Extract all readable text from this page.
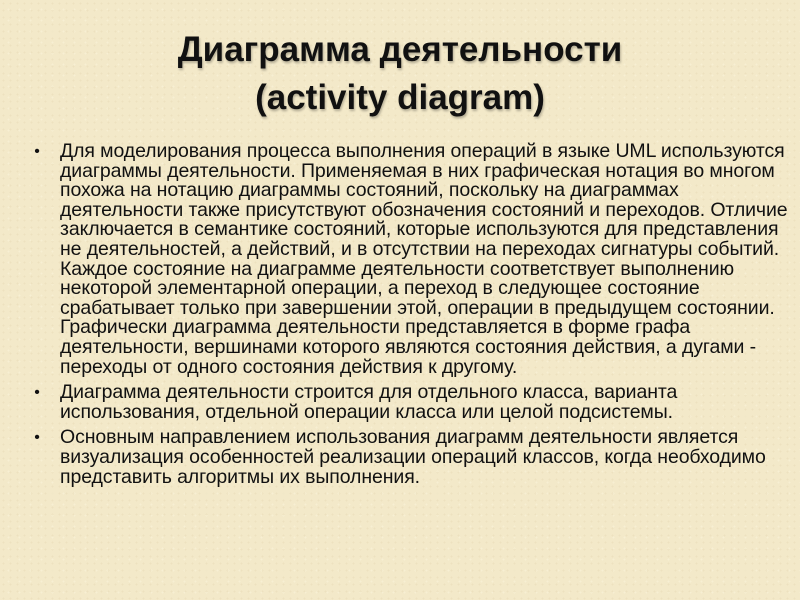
Диаграмма деятельности
(activity diagram)
• Для моделирования процесса выполнения операций в языке UML используются диаграммы деятельности. Применяемая в них графическая нотация во многом похожа на нотацию диаграммы состояний, поскольку на диаграммах деятельности также присутствуют обозначения состояний и переходов. Отличие заключается в семантике состояний, которые используются для представления не деятельностей, а действий, и в отсутствии на переходах сигнатуры событий. Каждое состояние на диаграмме деятельности соответствует выполнению некоторой элементарной операции, а переход в следующее состояние срабатывает только при завершении этой, операции в предыдущем состоянии. Графически диаграмма деятельности представляется в форме графа деятельности, вершинами которого являются состояния действия, а дугами - переходы от одного состояния действия к другому.
• Диаграмма деятельности строится для отдельного класса, варианта использования, отдельной операции класса или целой подсистемы.
• Основным направлением использования диаграмм деятельности является визуализация особенностей реализации операций классов, когда необходимо представить алгоритмы их выполнения.
